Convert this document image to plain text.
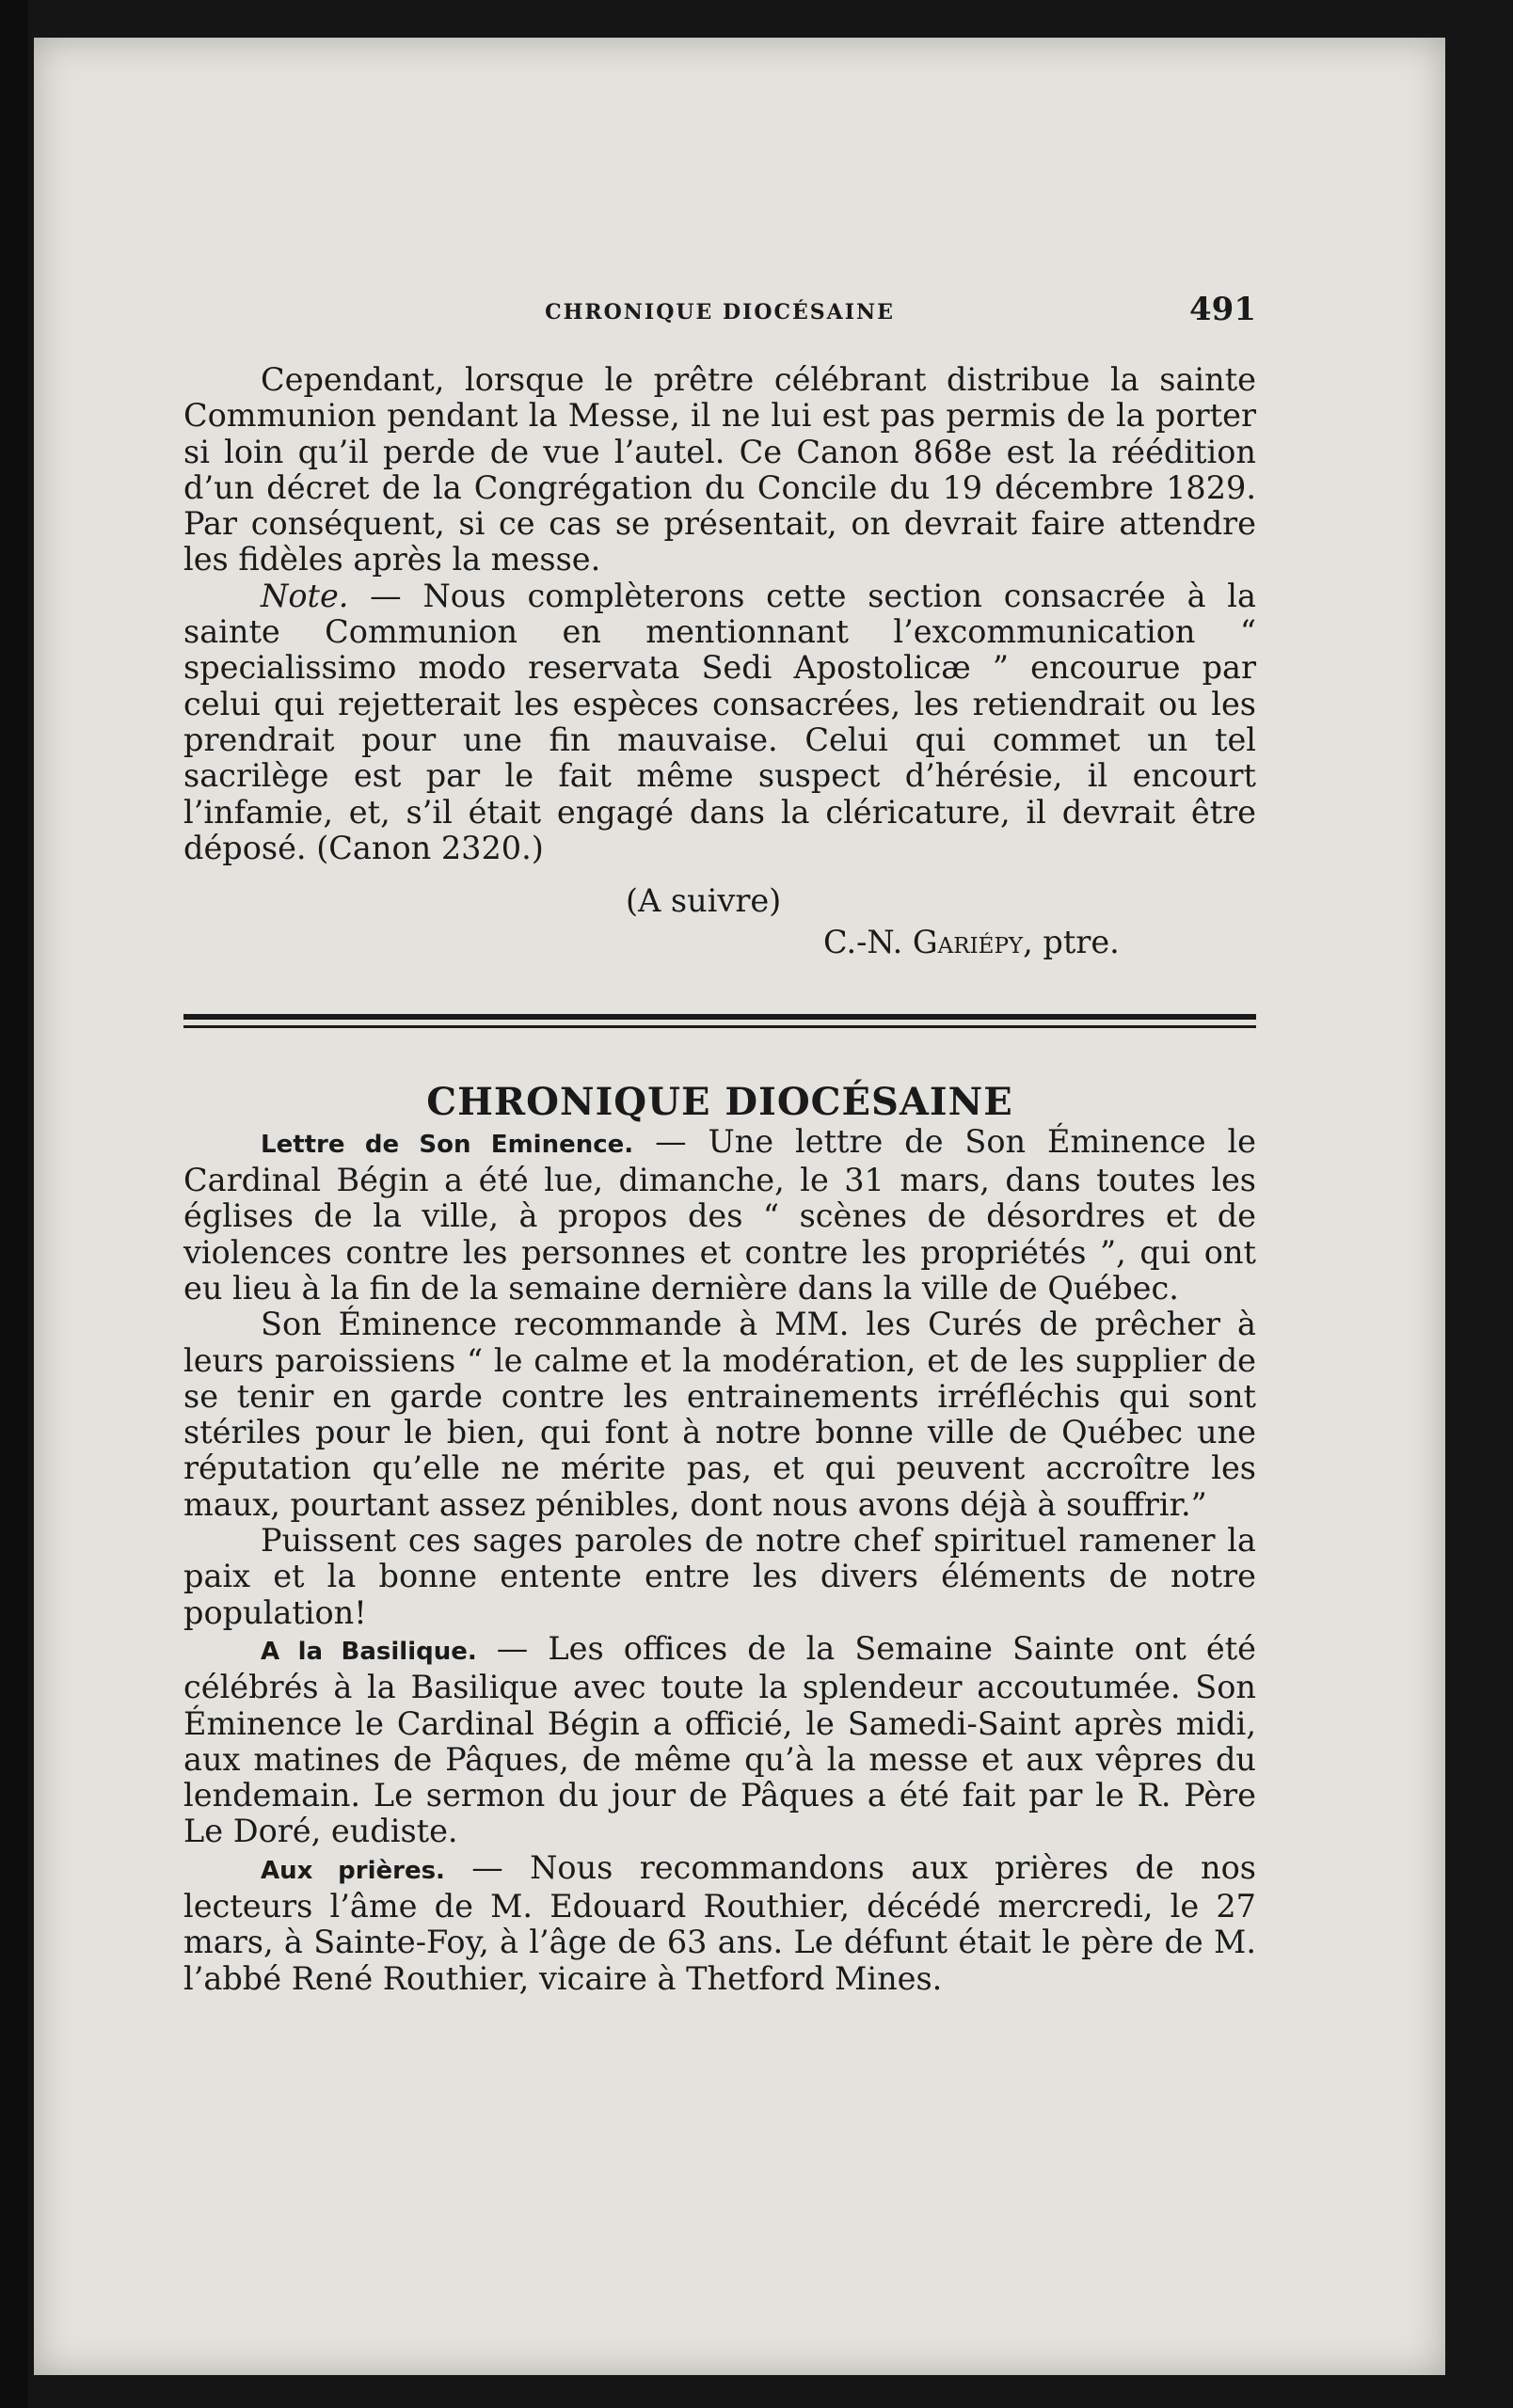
CHRONIQUE DIOCÉSAINE	491

Cependant, lorsque le prêtre célébrant distribue la sainte Communion pendant la Messe, il ne lui est pas permis de la porter si loin qu’il perde de vue l’autel. Ce Canon 868e est la réédition d’un décret de la Congrégation du Concile du 19 décembre 1829. Par conséquent, si ce cas se présentait, on devrait faire attendre les fidèles après la messe.

Note. — Nous complèterons cette section consacrée à la sainte Communion en mentionnant l’excommunication “ specialissimo modo reservata Sedi Apostolicæ ” encourue par celui qui rejetterait les espèces consacrées, les retiendrait ou les prendrait pour une fin mauvaise. Celui qui commet un tel sacrilège est par le fait même suspect d’hérésie, il encourt l’infamie, et, s’il était engagé dans la cléricature, il devrait être déposé. (Canon 2320.)

(A suivre)
C.-N. Gariépy, ptre.
CHRONIQUE DIOCÉSAINE

Lettre de Son Eminence. — Une lettre de Son Éminence le Cardinal Bégin a été lue, dimanche, le 31 mars, dans toutes les églises de la ville, à propos des “ scènes de désordres et de violences contre les personnes et contre les propriétés ”, qui ont eu lieu à la fin de la semaine dernière dans la ville de Québec.

Son Éminence recommande à MM. les Curés de prêcher à leurs paroissiens “ le calme et la modération, et de les supplier de se tenir en garde contre les entrainements irréfléchis qui sont stériles pour le bien, qui font à notre bonne ville de Québec une réputation qu’elle ne mérite pas, et qui peuvent accroître les maux, pourtant assez pénibles, dont nous avons déjà à souffrir.”

Puissent ces sages paroles de notre chef spirituel ramener la paix et la bonne entente entre les divers éléments de notre population!

A la Basilique. — Les offices de la Semaine Sainte ont été célébrés à la Basilique avec toute la splendeur accoutumée. Son Éminence le Cardinal Bégin a officié, le Samedi-Saint après midi, aux matines de Pâques, de même qu’à la messe et aux vêpres du lendemain. Le sermon du jour de Pâques a été fait par le R. Père Le Doré, eudiste.

Aux prières. — Nous recommandons aux prières de nos lecteurs l’âme de M. Edouard Routhier, décédé mercredi, le 27 mars, à Sainte-Foy, à l’âge de 63 ans. Le défunt était le père de M. l’abbé René Routhier, vicaire à Thetford Mines.
